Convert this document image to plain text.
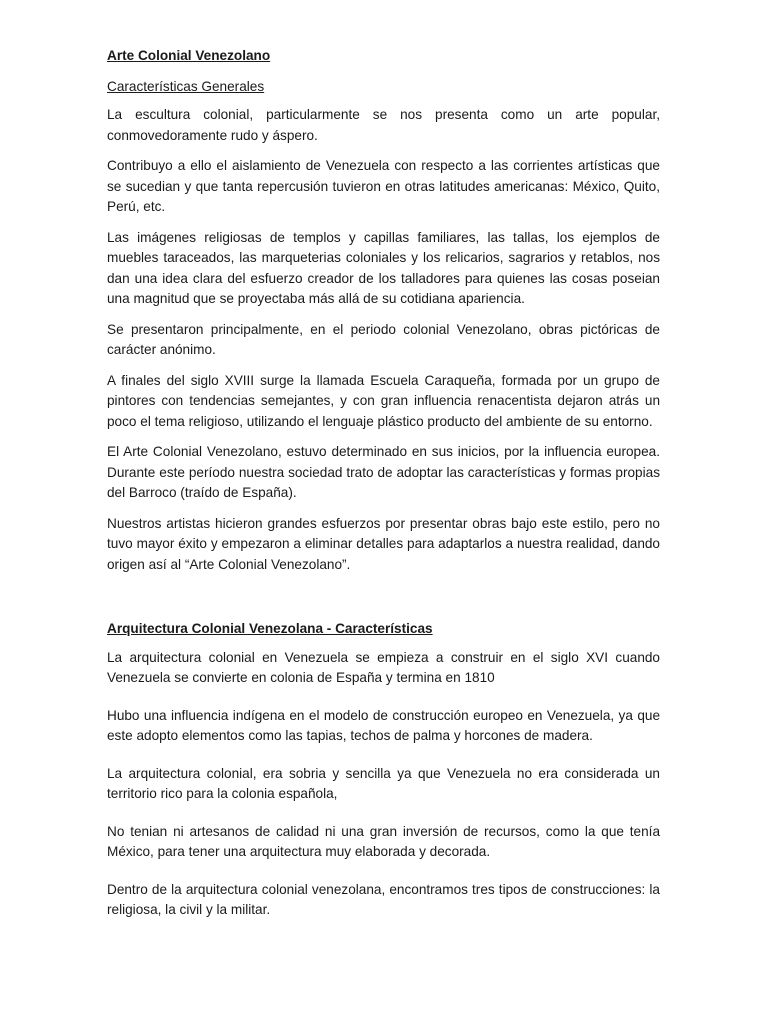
Arte Colonial Venezolano

Características Generales

La escultura colonial, particularmente se nos presenta como un arte popular, conmovedoramente rudo y áspero.

Contribuyo a ello el aislamiento de Venezuela con respecto a las corrientes artísticas que se sucedian y que tanta repercusión tuvieron en otras latitudes americanas: México, Quito, Perú, etc.

Las imágenes religiosas de templos y capillas familiares, las tallas, los ejemplos de muebles taraceados, las marqueterias coloniales y los relicarios, sagrarios y retablos, nos dan una idea clara del esfuerzo creador de los talladores para quienes las cosas poseian una magnitud que se proyectaba más allá de su cotidiana apariencia.

Se presentaron principalmente, en el periodo colonial Venezolano, obras pictóricas de carácter anónimo.

A finales del siglo XVIII surge la llamada Escuela Caraqueña, formada por un grupo de pintores con tendencias semejantes, y con gran influencia renacentista dejaron atrás un poco el tema religioso, utilizando el lenguaje plástico producto del ambiente de su entorno.

El Arte Colonial Venezolano, estuvo determinado en sus inicios, por la influencia europea. Durante este período nuestra sociedad trato de adoptar las características y formas propias del Barroco (traído de España).

Nuestros artistas hicieron grandes esfuerzos por presentar obras bajo este estilo, pero no tuvo mayor éxito y empezaron a eliminar detalles para adaptarlos a nuestra realidad, dando origen así al “Arte Colonial Venezolano”.

Arquitectura Colonial Venezolana - Características

La arquitectura colonial en Venezuela se empieza a construir en el siglo XVI cuando Venezuela se convierte en colonia de España y termina en 1810

Hubo una influencia indígena en el modelo de construcción europeo en Venezuela, ya que este adopto elementos como las tapias, techos de palma y horcones de madera.

La arquitectura colonial, era sobria y sencilla ya que Venezuela no era considerada un territorio rico para la colonia española,

No tenian ni artesanos de calidad ni una gran inversión de recursos, como la que tenía México, para tener una arquitectura muy elaborada y decorada.

Dentro de la arquitectura colonial venezolana, encontramos tres tipos de construcciones: la religiosa, la civil y la militar.
